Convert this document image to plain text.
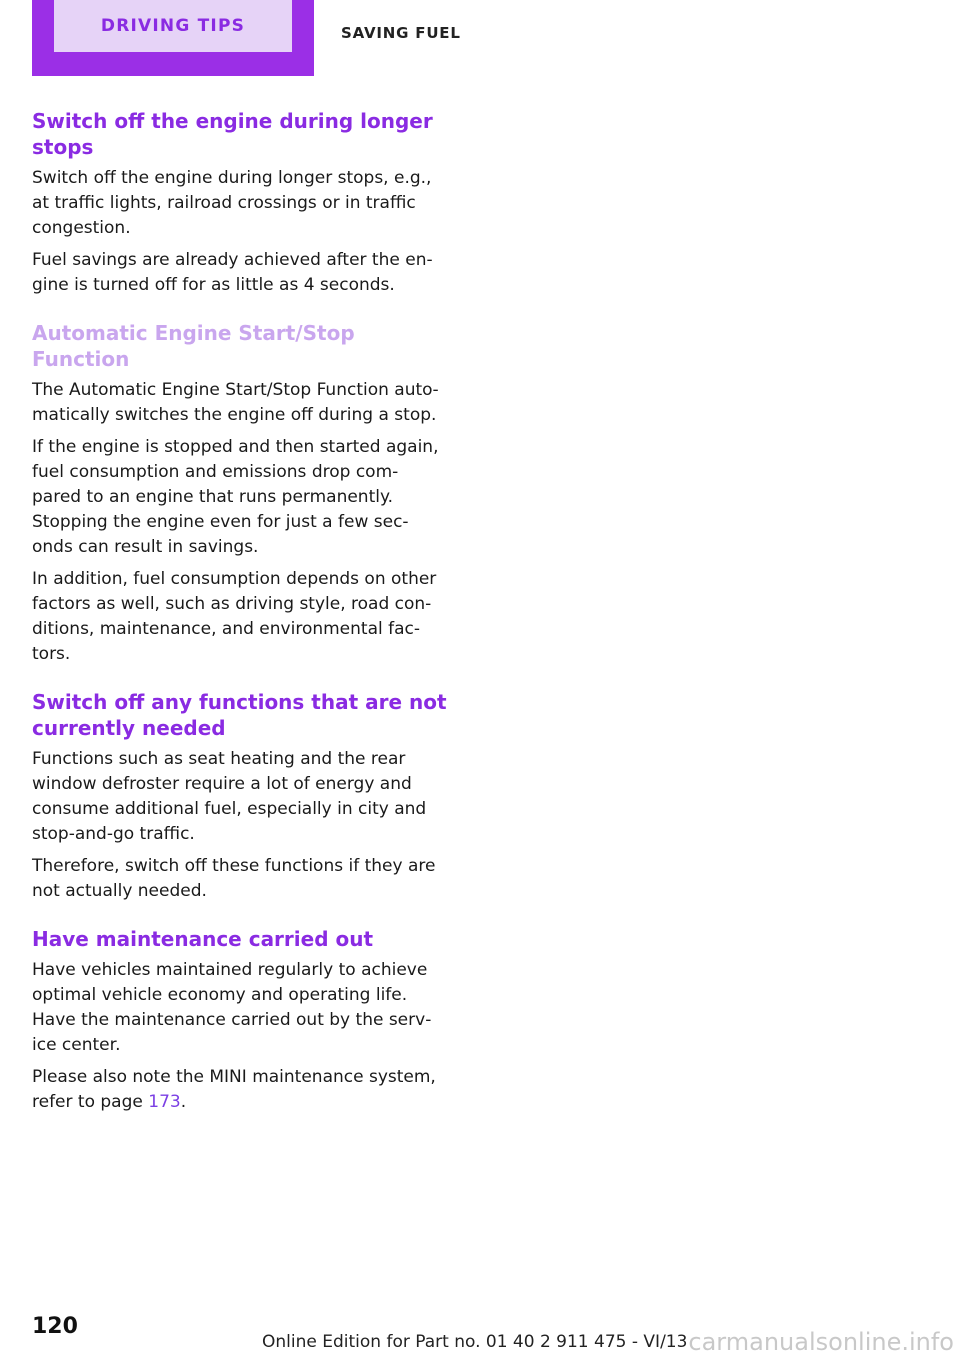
DRIVING TIPS	SAVING FUEL
Switch off the engine during longer stops

Switch off the engine during longer stops, e.g., at traffic lights, railroad crossings or in traffic congestion.

Fuel savings are already achieved after the en‐ gine is turned off for as little as 4 seconds.

Automatic Engine Start/Stop Function

The Automatic Engine Start/Stop Function auto‐ matically switches the engine off during a stop.

If the engine is stopped and then started again, fuel consumption and emissions drop com‐ pared to an engine that runs permanently. Stopping the engine even for just a few sec‐ onds can result in savings.

In addition, fuel consumption depends on other factors as well, such as driving style, road con‐ ditions, maintenance, and environmental fac‐ tors.

Switch off any functions that are not currently needed

Functions such as seat heating and the rear window defroster require a lot of energy and consume additional fuel, especially in city and stop-and-go traffic.

Therefore, switch off these functions if they are not actually needed.

Have maintenance carried out

Have vehicles maintained regularly to achieve optimal vehicle economy and operating life. Have the maintenance carried out by the serv‐ ice center.

Please also note the MINI maintenance system, refer to page 173.

120
Online Edition for Part no. 01 40 2 911 475 - VI/13 carmanualsonline.info
